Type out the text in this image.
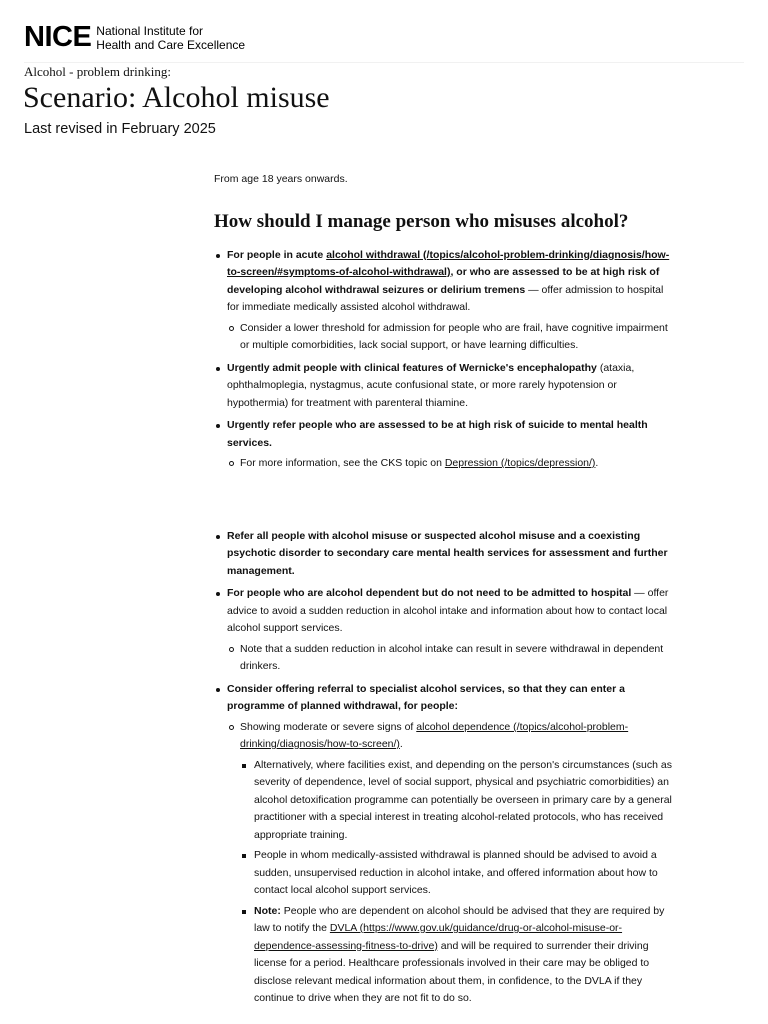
NICE National Institute for
Health and Care Excellence
Alcohol - problem drinking:
Scenario: Alcohol misuse
Last revised in February 2025

From age 18 years onwards.

How should I manage person who misuses alcohol?
For people in acute alcohol withdrawal (/topics/alcohol-problem-drinking/diagnosis/how-to-screen/#symptoms-of-alcohol-withdrawal), or who are assessed to be at high risk of developing alcohol withdrawal seizures or delirium tremens — offer admission to hospital for immediate medically assisted alcohol withdrawal.
Consider a lower threshold for admission for people who are frail, have cognitive impairment or multiple comorbidities, lack social support, or have learning difficulties.
Urgently admit people with clinical features of Wernicke's encephalopathy (ataxia, ophthalmoplegia, nystagmus, acute confusional state, or more rarely hypotension or hypothermia) for treatment with parenteral thiamine.
Urgently refer people who are assessed to be at high risk of suicide to mental health services.
For more information, see the CKS topic on Depression (/topics/depression/).
Refer all people with alcohol misuse or suspected alcohol misuse and a coexisting psychotic disorder to secondary care mental health services for assessment and further management.
For people who are alcohol dependent but do not need to be admitted to hospital — offer advice to avoid a sudden reduction in alcohol intake and information about how to contact local alcohol support services.
Note that a sudden reduction in alcohol intake can result in severe withdrawal in dependent drinkers.
Consider offering referral to specialist alcohol services, so that they can enter a programme of planned withdrawal, for people:
Showing moderate or severe signs of alcohol dependence (/topics/alcohol-problem-drinking/diagnosis/how-to-screen/).
Alternatively, where facilities exist, and depending on the person's circumstances (such as severity of dependence, level of social support, physical and psychiatric comorbidities) an alcohol detoxification programme can potentially be overseen in primary care by a general practitioner with a special interest in treating alcohol-related protocols, who has received appropriate training.
People in whom medically-assisted withdrawal is planned should be advised to avoid a sudden, unsupervised reduction in alcohol intake, and offered information about how to contact local alcohol support services.
Note: People who are dependent on alcohol should be advised that they are required by law to notify the DVLA (https://www.gov.uk/guidance/drug-or-alcohol-misuse-or-dependence-assessing-fitness-to-drive) and will be required to surrender their driving license for a period. Healthcare professionals involved in their care may be obliged to disclose relevant medical information about them, in confidence, to the DVLA if they continue to drive when they are not fit to do so.
